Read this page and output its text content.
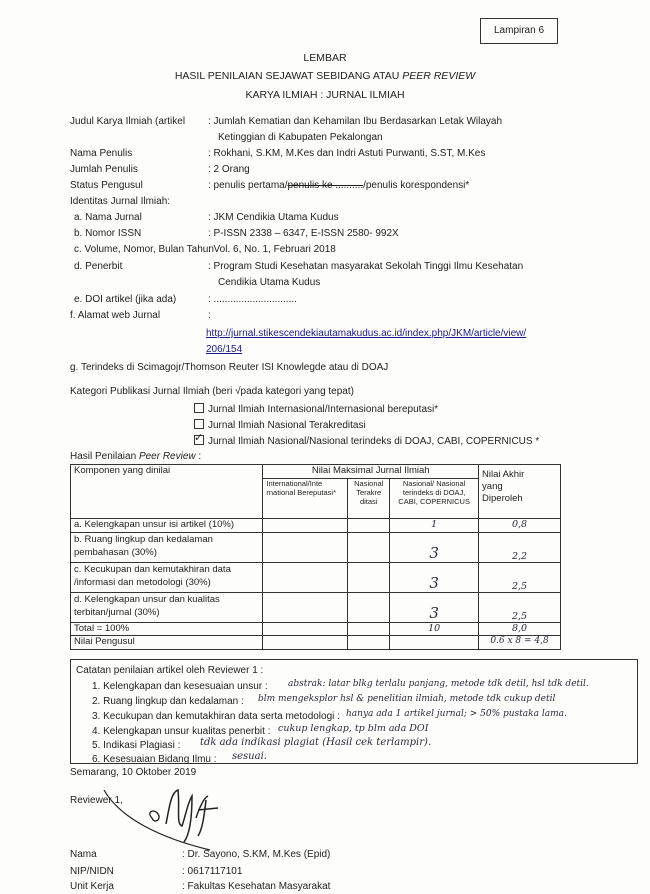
Lampiran 6
LEMBAR
HASIL PENILAIAN SEJAWAT SEBIDANG ATAU PEER REVIEW
KARYA ILMIAH : JURNAL ILMIAH
Judul Karya Ilmiah (artikel : Jumlah Kematian dan Kehamilan Ibu Berdasarkan Letak Wilayah
Ketinggian di Kabupaten Pekalongan
Nama Penulis	: Rokhani, S.KM, M.Kes dan Indri Astuti Purwanti, S.ST, M.Kes
Jumlah Penulis	: 2 Orang
Status Pengusul	: penulis pertama/penulis ke ........../penulis korespondensi*
Identitas Jurnal Ilmiah:
a. Nama Jurnal	: JKM Cendikia Utama Kudus
b. Nomor ISSN	: P-ISSN 2338 – 6347, E-ISSN 2580- 992X
c. Volume, Nomor, Bulan Tahun
: Vol. 6, No. 1, Februari 2018
d. Penerbit	: Program Studi Kesehatan masyarakat Sekolah Tinggi Ilmu Kesehatan
Cendikia Utama Kudus
e. DOI artikel (jika ada)	: ..............................
f. Alamat web Jurnal	:
http://jurnal.stikescendekiautamakudus.ac.id/index.php/JKM/article/view/
206/154
g. Terindeks di Scimagojr/Thomson Reuter ISI Knowlegde atau di DOAJ
Kategori Publikasi Jurnal Ilmiah (beri √pada kategori yang tepat)
Jurnal Ilmiah Internasional/Internasional bereputasi*
Jurnal Ilmiah Nasional Terakreditasi
✓ Jurnal Ilmiah Nasional/Nasional terindeks di DOAJ, CABI, COPERNICUS *
Hasil Penilaian Peer Review :
Komponen yang dinilai	Nilai Maksimal Jurnal Ilmiah			Nilai Akhir yang Diperoleh

	International/Inte rnational Bereputasi*	Nasional Terakre ditasi	Nasional/ Nasional terindeks di DOAJ, CABI, COPERNICUS	
a. Kelengkapan unsur isi artikel (10%)			1	0,8
b. Ruang lingkup dan kedalaman pembahasan (30%)			3	2,2
c. Kecukupan dan kemutakhiran data /informasi dan metodologi (30%)			3	2,5
d. Kelengkapan unsur dan kualitas terbitan/jurnal (30%)			3	2,5
Total = 100%			10	8,0
Nilai Pengusul				0.6 x 8 = 4,8
Catatan penilaian artikel oleh Reviewer 1 :
1. Kelengkapan dan kesesuaian unsur : abstrak: latar blkg terlalu panjang, metode tdk detil, hsl tdk detil.
2. Ruang lingkup dan kedalaman : blm mengeksplor hsl & penelitian ilmiah, metode tdk cukup detil
3. Kecukupan dan kemutakhiran data serta metodologi : hanya ada 1 artikel jurnal; > 50% pustaka lama.
4. Kelengkapan unsur kualitas penerbit : cukup lengkap, tp blm ada DOI
5. Indikasi Plagiasi : tdk ada indikasi plagiat (Hasil cek terlampir).
6. Kesesuaian Bidang Ilmu : sesuai.
Semarang, 10 Oktober 2019
Reviewer 1,
Nama	: Dr. Sayono, S.KM, M.Kes (Epid)
NIP/NIDN	: 0617117101
Unit Kerja	: Fakultas Kesehatan Masyarakat
